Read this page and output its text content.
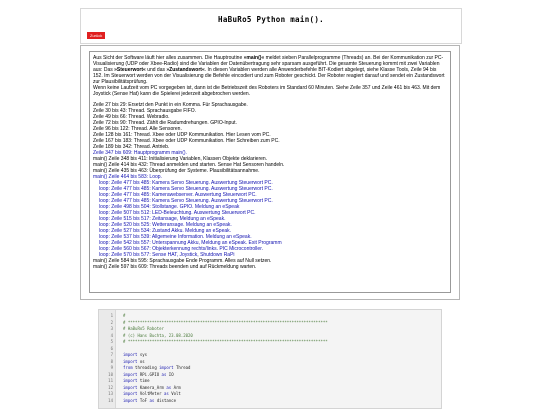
HaBuRo5 Python main().
Zurück

Aus Sicht der Software läuft hier alles zusammen. Die Hauptroutine »main()« meldet sieben Parallelprogramme (Threads) an. Bei der Kommunikation zur PC-Visualisierung (UDP oder Xbee-Radio) sind die Variablen der Datenübertragung sehr sparsam ausgeführt. Die gesamte Steuerung kommt mit zwei Variablen aus: Das »Steuerwort« und das »Zustandswort«. In diesen Variablen werden alle Anwenderbefehle BIT-Kodiert abgelegt, siehe Klasse Tools, Zeile 94 bis 152. Im Steuerwort werden von der Visualisierung die Befehle eincodiert und zum Roboter geschickt. Der Roboter reagiert darauf und sendet ein Zustandswort zur Plausibilitätsprüfung.
Wenn keine Laufzeit vom PC vorgegeben ist, dann ist die Betriebszeit des Roboters im Standard 60 Minuten. Siehe Zeile 357 und Zeile 461 bis 463. Mit dem Joystick (Sense Hat) kann die Spielerei jederzeit abgebrochen werden.

Zeile 27 bis 29: Ersetzt den Punkt in ein Komma. Für Sprachausgabe.
Zeile 30 bis 43: Thread. Sprachausgabe FIFO.
Zeile 49 bis 66: Thread. Webradio.
Zeile 72 bis 90: Thread. Zählt die Radumdrehungen. GPIO-Input.
Zeile 96 bis 122: Thread. Alle Sensoren.
Zeile 128 bis 161: Thread. Xbee oder UDP Kommunikation. Hier Lesen vom PC.
Zeile 167 bis 183: Thread. Xbee oder UDP Kommunikation. Hier Schreiben zum PC.
Zeile 189 bis 342: Thread. Antrieb.
Zeile 347 bis 609: Hauptprogramm main().
main() Zeile 348 bis 411: Initialisierung Variablen, Klassen Objekte deklarieren.
main() Zeile 414 bis 432: Thread anmelden und starten. Sense Hat Sensoren handeln.
main() Zeile 435 bis 463: Überprüfung der Systeme. Plausibilitätsannahme.
main() Zeile 464 bis 583: Loop.
loop: Zeile 477 bis 485: Kamera Servo Steuerung. Auswertung Steuerwort PC.
loop: Zeile 477 bis 485: Kamera Servo Steuerung. Auswertung Steuerwort PC.
loop: Zeile 477 bis 485: Kamerawebserver. Auswertung Steuerwort PC.
loop: Zeile 477 bis 485: Kamera Servo Steuerung. Auswertung Steuerwort PC.
loop: Zeile 498 bis 504: Stollstange. GPIO. Meldung an eSpeak
loop: Zeile 507 bis 512: LED-Beleuchtung. Auswertung Steuerwort PC.
loop: Zeile 515 bis 517: Zeitansage, Meldung an eSpeak.
loop: Zeile 520 bis 525: Wetteransage. Meldung an eSpeak.
loop: Zeile 527 bis 534: Zustand Akku. Meldung an eSpeak.
loop: Zeile 537 bis 539: Allgemeine Information. Meldung an eSpeak.
loop: Zeile 542 bis 557: Unterspannung Akku, Meldung an eSpeak. Exit Programm
loop: Zeile 560 bis 567: Objekterkennung rechts/links. PIC Microcontroller.
loop: Zeile 570 bis 577: Sense HAT, Joystick, Shutdown RaPi
main() Zeile 584 bis 595: Sprachausgabe Ende Programm. Alles auf Null setzen.
main() Zeile 597 bis 609: Threads beenden und auf Rückmeldung warten.
1	#
2	# ***********************************************************************************
3	# HaBuRo5 Roboter
4	# (c) Hans Buchta, 23.08.2020
5	# ***********************************************************************************
6
7	import sys
8	import os
9	from threading import Thread
10	import RPi.GPIO as IO
11	import time
12	import Kamera_Arm as Arm
13	import VoltMeter as Volt
14	import ToF as distance
